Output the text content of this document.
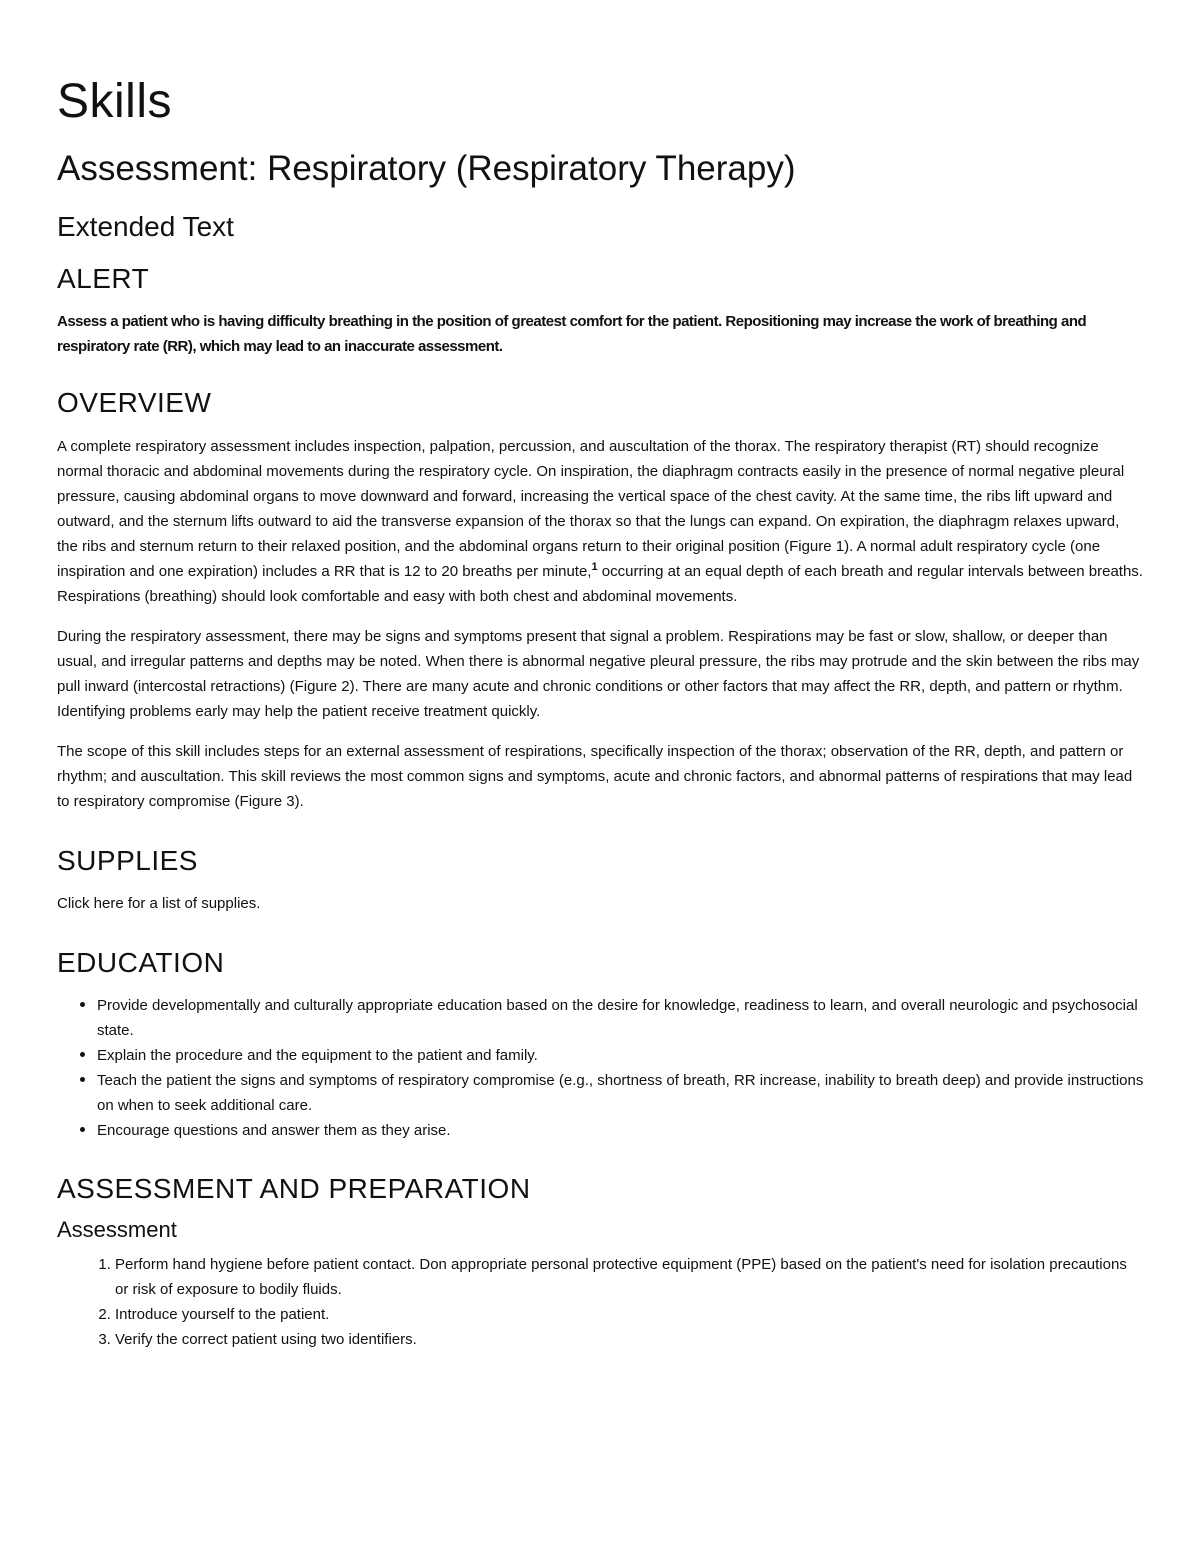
Skills
Assessment: Respiratory (Respiratory Therapy)
Extended Text
ALERT

Assess a patient who is having difficulty breathing in the position of greatest comfort for the patient. Repositioning may increase the work of breathing and respiratory rate (RR), which may lead to an inaccurate assessment.

OVERVIEW

A complete respiratory assessment includes inspection, palpation, percussion, and auscultation of the thorax. The respiratory therapist (RT) should recognize normal thoracic and abdominal movements during the respiratory cycle. On inspiration, the diaphragm contracts easily in the presence of normal negative pleural pressure, causing abdominal organs to move downward and forward, increasing the vertical space of the chest cavity. At the same time, the ribs lift upward and outward, and the sternum lifts outward to aid the transverse expansion of the thorax so that the lungs can expand. On expiration, the diaphragm relaxes upward, the ribs and sternum return to their relaxed position, and the abdominal organs return to their original position (Figure 1). A normal adult respiratory cycle (one inspiration and one expiration) includes a RR that is 12 to 20 breaths per minute,$^1$ occurring at an equal depth of each breath and regular intervals between breaths. Respirations (breathing) should look comfortable and easy with both chest and abdominal movements.

During the respiratory assessment, there may be signs and symptoms present that signal a problem. Respirations may be fast or slow, shallow, or deeper than usual, and irregular patterns and depths may be noted. When there is abnormal negative pleural pressure, the ribs may protrude and the skin between the ribs may pull inward (intercostal retractions) (Figure 2). There are many acute and chronic conditions or other factors that may affect the RR, depth, and pattern or rhythm. Identifying problems early may help the patient receive treatment quickly.

The scope of this skill includes steps for an external assessment of respirations, specifically inspection of the thorax; observation of the RR, depth, and pattern or rhythm; and auscultation. This skill reviews the most common signs and symptoms, acute and chronic factors, and abnormal patterns of respirations that may lead to respiratory compromise (Figure 3).

SUPPLIES

Click here for a list of supplies.

EDUCATION
Provide developmentally and culturally appropriate education based on the desire for knowledge, readiness to learn, and overall neurologic and psychosocial state.
Explain the procedure and the equipment to the patient and family.
Teach the patient the signs and symptoms of respiratory compromise (e.g., shortness of breath, RR increase, inability to breath deep) and provide instructions on when to seek additional care.
Encourage questions and answer them as they arise.
ASSESSMENT AND PREPARATION
Assessment
1. Perform hand hygiene before patient contact. Don appropriate personal protective equipment (PPE) based on the patient's need for isolation precautions or risk of exposure to bodily fluids.
2. Introduce yourself to the patient.
3. Verify the correct patient using two identifiers.
